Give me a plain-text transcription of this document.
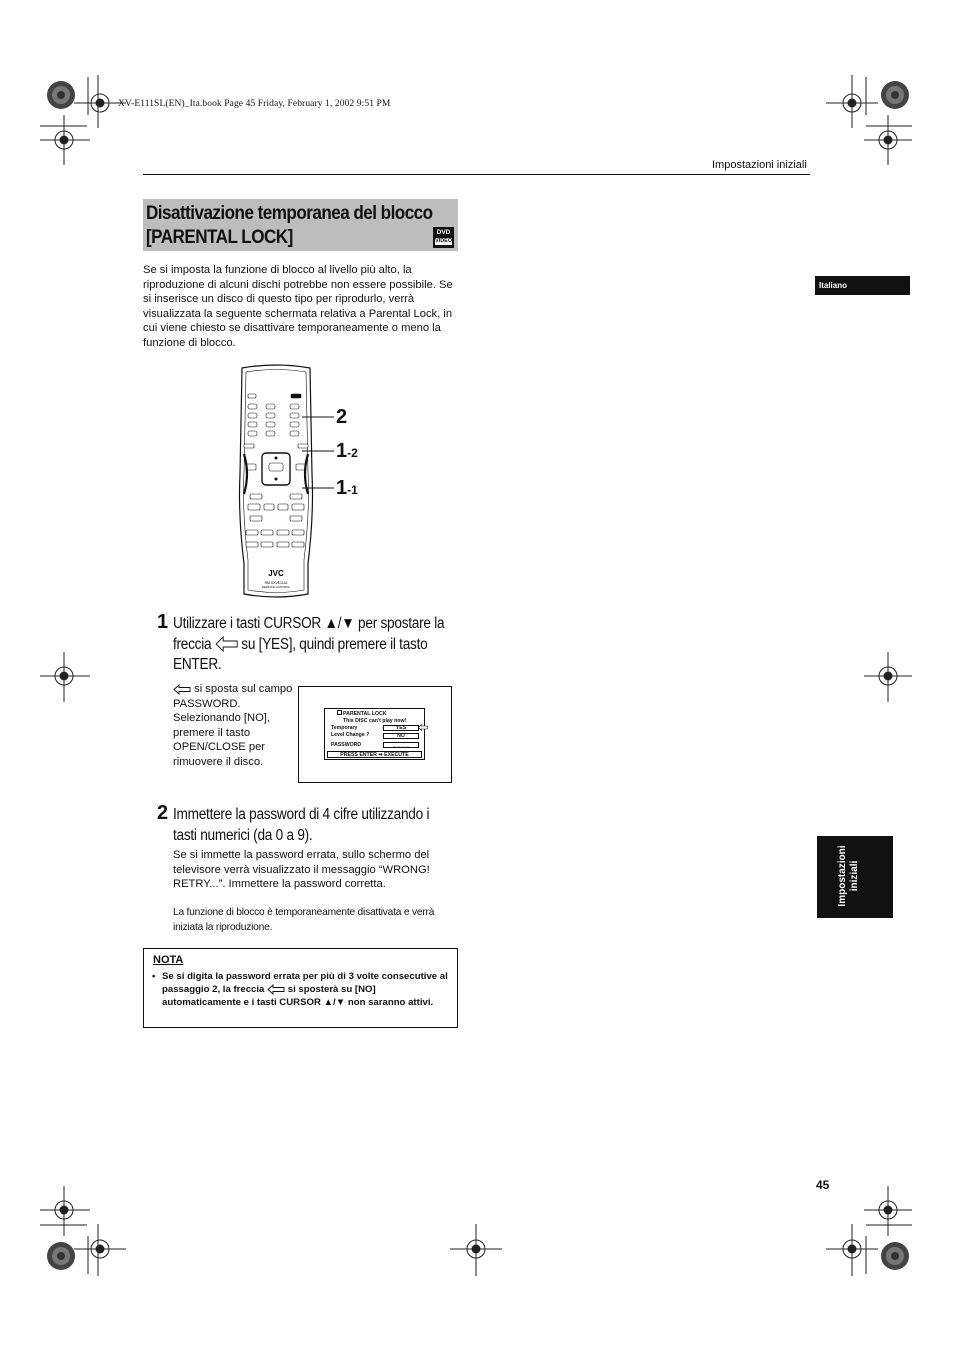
XV-E111SL(EN)_Ita.book Page 45 Friday, February 1, 2002 9:51 PM
Impostazioni iniziali
Disattivazione temporanea del blocco
[PARENTAL LOCK]	DVD
VIDEO
Se si imposta la funzione di blocco al livello più alto, la riproduzione di alcuni dischi potrebbe non essere possibile. Se si inserisce un disco di questo tipo per riprodurlo, verrà visualizzata la seguente schermata relativa a Parental Lock, in cui viene chiesto se disattivare temporaneamente o meno la funzione di blocco.
JVC
RM-SXVE111A
REMOTE CONTROL
2
1-2
1-1
1 Utilizzare i tasti CURSOR ▲/▼ per spostare la
freccia su [YES], quindi premere il tasto
ENTER.
si sposta sul campo PASSWORD. Selezionando [NO], premere il tasto OPEN/CLOSE per rimuovere il disco.
PARENTAL LOCK
This DISC can't play now!
Temporary
Level Change ?
YES
NO
PASSWORD	_ _ _ _
PRESS ENTER ➡ EXECUTE
2 Immettere la password di 4 cifre utilizzando i
tasti numerici (da 0 a 9).
Se si immette la password errata, sullo schermo del televisore verrà visualizzato il messaggio “WRONG! RETRY...”. Immettere la password corretta.
La funzione di blocco è temporaneamente disattivata e verrà iniziata la riproduzione.
NOTA
• Se si digita la password errata per più di 3 volte consecutive al passaggio 2, la freccia si sposterà su [NO] automaticamente e i tasti CURSOR ▲/▼ non saranno attivi.
Italiano
Impostazioni iniziali
45
